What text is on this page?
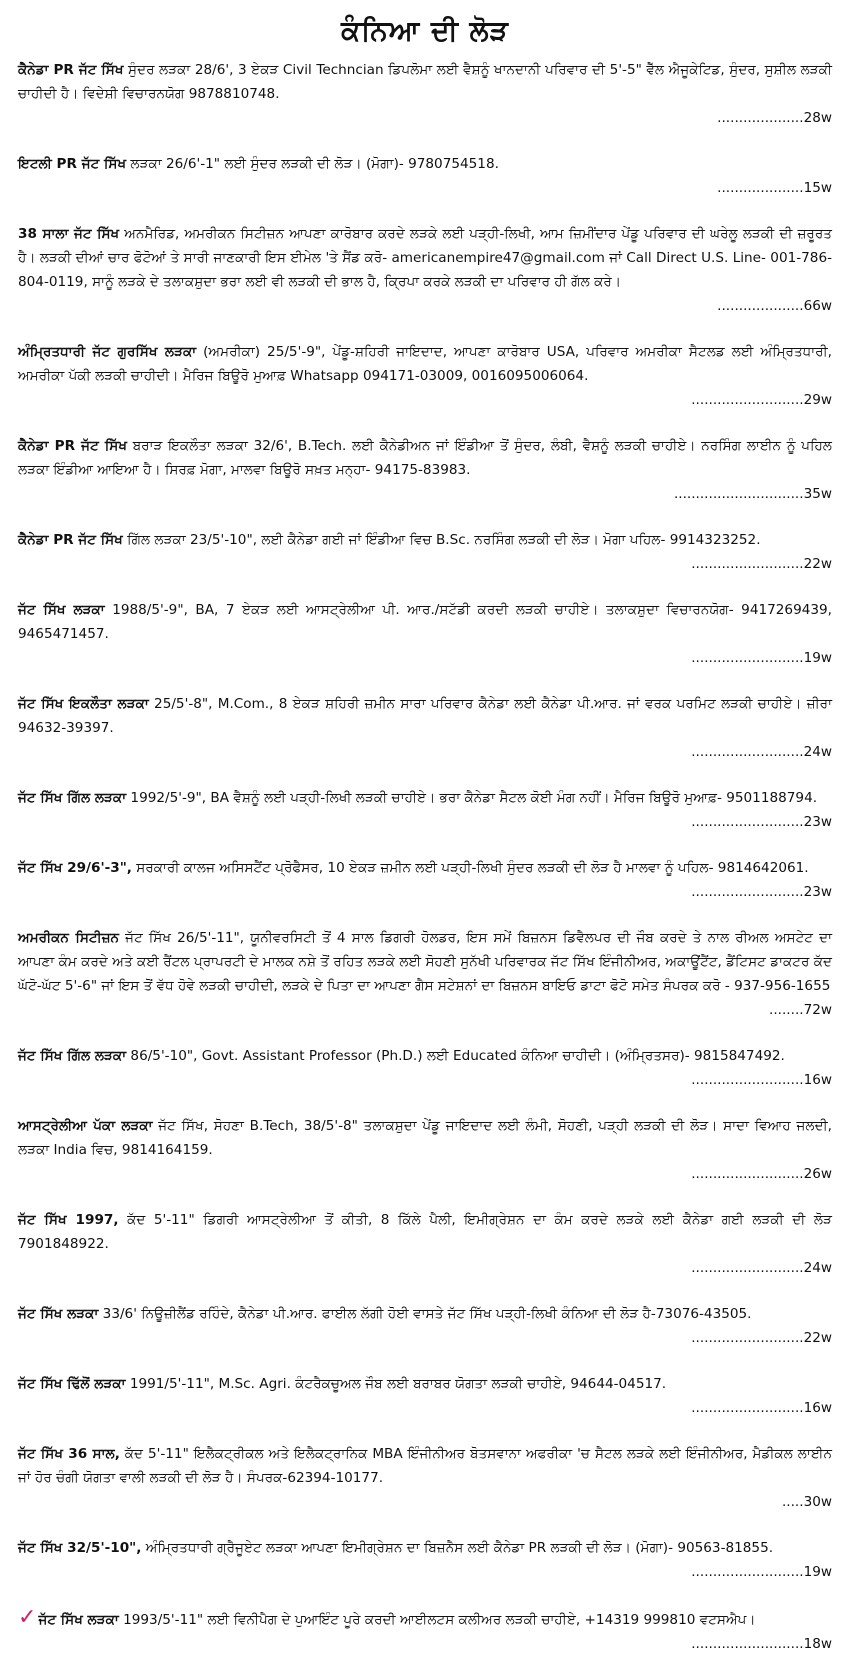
ਕੰਨਿਆ ਦੀ ਲੋੜ
ਕੈਨੇਡਾ PR ਜੱਟ ਸਿੱਖ ਸੁੰਦਰ ਲੜਕਾ 28/6', 3 ਏਕੜ Civil Techncian ਡਿਪਲੋਮਾ ਲਈ ਵੈਸ਼ਨੂੰ ਖਾਨਦਾਨੀ ਪਰਿਵਾਰ ਦੀ 5'-5" ਵੈੱਲ ਐਜੂਕੇਟਿਡ, ਸੁੰਦਰ, ਸੁਸ਼ੀਲ ਲੜਕੀ ਚਾਹੀਦੀ ਹੈ। ਵਿਦੇਸ਼ੀ ਵਿਚਾਰਨਯੋਗ 9878810748.
....................28w
ਇਟਲੀ PR ਜੱਟ ਸਿੱਖ ਲੜਕਾ 26/6'-1" ਲਈ ਸੁੰਦਰ ਲੜਕੀ ਦੀ ਲੋੜ। (ਮੋਗਾ)- 9780754518.
....................15w
38 ਸਾਲਾ ਜੱਟ ਸਿੱਖ ਅਨਮੈਰਿਡ, ਅਮਰੀਕਨ ਸਿਟੀਜ਼ਨ ਆਪਣਾ ਕਾਰੋਬਾਰ ਕਰਦੇ ਲੜਕੇ ਲਈ ਪੜ੍ਹੀ-ਲਿਖੀ, ਆਮ ਜ਼ਿਮੀਂਦਾਰ ਪੇਂਡੂ ਪਰਿਵਾਰ ਦੀ ਘਰੇਲੂ ਲੜਕੀ ਦੀ ਜ਼ਰੂਰਤ ਹੈ। ਲੜਕੀ ਦੀਆਂ ਚਾਰ ਫੋਟੋਆਂ ਤੇ ਸਾਰੀ ਜਾਣਕਾਰੀ ਇਸ ਈਮੇਲ 'ਤੇ ਸੈਂਡ ਕਰੋ- americanempire47@gmail.com ਜਾਂ Call Direct U.S. Line- 001-786-804-0119, ਸਾਨੂੰ ਲੜਕੇ ਦੇ ਤਲਾਕਸ਼ੁਦਾ ਭਰਾ ਲਈ ਵੀ ਲੜਕੀ ਦੀ ਭਾਲ ਹੈ, ਕ੍ਰਿਪਾ ਕਰਕੇ ਲੜਕੀ ਦਾ ਪਰਿਵਾਰ ਹੀ ਗੱਲ ਕਰੇ।
....................66w
ਅੰਮ੍ਰਿਤਧਾਰੀ ਜੱਟ ਗੁਰਸਿੱਖ ਲੜਕਾ (ਅਮਰੀਕਾ) 25/5'-9", ਪੇਂਡੂ-ਸ਼ਹਿਰੀ ਜਾਇਦਾਦ, ਆਪਣਾ ਕਾਰੋਬਾਰ USA, ਪਰਿਵਾਰ ਅਮਰੀਕਾ ਸੈਟਲਡ ਲਈ ਅੰਮ੍ਰਿਤਧਾਰੀ, ਅਮਰੀਕਾ ਪੱਕੀ ਲੜਕੀ ਚਾਹੀਦੀ। ਮੈਰਿਜ ਬਿਊਰੋ ਮੁਆਫ਼ Whatsapp 094171-03009, 0016095006064.
..........................29w
ਕੈਨੇਡਾ PR ਜੱਟ ਸਿੱਖ ਬਰਾੜ ਇਕਲੌਤਾ ਲੜਕਾ 32/6', B.Tech. ਲਈ ਕੈਨੇਡੀਅਨ ਜਾਂ ਇੰਡੀਆ ਤੋਂ ਸੁੰਦਰ, ਲੰਬੀ, ਵੈਸ਼ਨੂੰ ਲੜਕੀ ਚਾਹੀਏ। ਨਰਸਿੰਗ ਲਾਈਨ ਨੂੰ ਪਹਿਲ ਲੜਕਾ ਇੰਡੀਆ ਆਇਆ ਹੈ। ਸਿਰਫ਼ ਮੋਗਾ, ਮਾਲਵਾ ਬਿਊਰੋ ਸਖ਼ਤ ਮਨ੍ਹਾ- 94175-83983.
..............................35w
ਕੈਨੇਡਾ PR ਜੱਟ ਸਿੱਖ ਗਿੱਲ ਲੜਕਾ 23/5'-10", ਲਈ ਕੈਨੇਡਾ ਗਈ ਜਾਂ ਇੰਡੀਆ ਵਿਚ B.Sc. ਨਰਸਿੰਗ ਲੜਕੀ ਦੀ ਲੋੜ। ਮੋਗਾ ਪਹਿਲ- 9914323252.
..........................22w
ਜੱਟ ਸਿੱਖ ਲੜਕਾ 1988/5'-9", BA, 7 ਏਕੜ ਲਈ ਆਸਟ੍ਰੇਲੀਆ ਪੀ. ਆਰ./ਸਟੱਡੀ ਕਰਦੀ ਲੜਕੀ ਚਾਹੀਏ। ਤਲਾਕਸ਼ੁਦਾ ਵਿਚਾਰਨਯੋਗ- 9417269439, 9465471457.
..........................19w
ਜੱਟ ਸਿੱਖ ਇਕਲੌਤਾ ਲੜਕਾ 25/5'-8", M.Com., 8 ਏਕੜ ਸ਼ਹਿਰੀ ਜ਼ਮੀਨ ਸਾਰਾ ਪਰਿਵਾਰ ਕੈਨੇਡਾ ਲਈ ਕੈਨੇਡਾ ਪੀ.ਆਰ. ਜਾਂ ਵਰਕ ਪਰਮਿਟ ਲੜਕੀ ਚਾਹੀਏ। ਜ਼ੀਰਾ 94632-39397.
..........................24w
ਜੱਟ ਸਿੱਖ ਗਿੱਲ ਲੜਕਾ 1992/5'-9", BA ਵੈਸ਼ਨੂੰ ਲਈ ਪੜ੍ਹੀ-ਲਿਖੀ ਲੜਕੀ ਚਾਹੀਏ। ਭਰਾ ਕੈਨੇਡਾ ਸੈਟਲ ਕੋਈ ਮੰਗ ਨਹੀਂ। ਮੈਰਿਜ ਬਿਊਰੋ ਮੁਆਫ਼- 9501188794.
..........................23w
ਜੱਟ ਸਿੱਖ 29/6'-3", ਸਰਕਾਰੀ ਕਾਲਜ ਅਸਿਸਟੈਂਟ ਪ੍ਰੋਫੈਸਰ, 10 ਏਕੜ ਜ਼ਮੀਨ ਲਈ ਪੜ੍ਹੀ-ਲਿਖੀ ਸੁੰਦਰ ਲੜਕੀ ਦੀ ਲੋੜ ਹੈ ਮਾਲਵਾ ਨੂੰ ਪਹਿਲ- 9814642061.
..........................23w
ਅਮਰੀਕਨ ਸਿਟੀਜ਼ਨ ਜੱਟ ਸਿੱਖ 26/5'-11", ਯੂਨੀਵਰਸਿਟੀ ਤੋਂ 4 ਸਾਲ ਡਿਗਰੀ ਹੋਲਡਰ, ਇਸ ਸਮੇਂ ਬਿਜ਼ਨਸ ਡਿਵੈਲਪਰ ਦੀ ਜੌਬ ਕਰਦੇ ਤੇ ਨਾਲ ਰੀਅਲ ਅਸਟੇਟ ਦਾ ਆਪਣਾ ਕੰਮ ਕਰਦੇ ਅਤੇ ਕਈ ਰੈਂਟਲ ਪ੍ਰਾਪਰਟੀ ਦੇ ਮਾਲਕ ਨਸ਼ੇ ਤੋਂ ਰਹਿਤ ਲੜਕੇ ਲਈ ਸੋਹਣੀ ਸੁਨੱਖੀ ਪਰਿਵਾਰਕ ਜੱਟ ਸਿੱਖ ਇੰਜੀਨੀਅਰ, ਅਕਾਊਂਟੈਂਟ, ਡੈਂਟਿਸਟ ਡਾਕਟਰ ਕੱਦ ਘੱਟੋ-ਘੱਟ 5'-6" ਜਾਂ ਇਸ ਤੋਂ ਵੱਧ ਹੋਵੇ ਲੜਕੀ ਚਾਹੀਦੀ, ਲੜਕੇ ਦੇ ਪਿਤਾ ਦਾ ਆਪਣਾ ਗੈਸ ਸਟੇਸ਼ਨਾਂ ਦਾ ਬਿਜ਼ਨਸ ਬਾਇਓ ਡਾਟਾ ਫੋਟੋ ਸਮੇਤ ਸੰਪਰਕ ਕਰੋ - 937-956-1655
........72w
ਜੱਟ ਸਿੱਖ ਗਿੱਲ ਲੜਕਾ 86/5'-10", Govt. Assistant Professor (Ph.D.) ਲਈ Educated ਕੰਨਿਆ ਚਾਹੀਦੀ। (ਅੰਮ੍ਰਿਤਸਰ)- 9815847492.
..........................16w
ਆਸਟ੍ਰੇਲੀਆ ਪੱਕਾ ਲੜਕਾ ਜੱਟ ਸਿੱਖ, ਸੋਹਣਾ B.Tech, 38/5'-8" ਤਲਾਕਸ਼ੁਦਾ ਪੇਂਡੂ ਜਾਇਦਾਦ ਲਈ ਲੰਮੀ, ਸੋਹਣੀ, ਪੜ੍ਹੀ ਲੜਕੀ ਦੀ ਲੋੜ। ਸਾਦਾ ਵਿਆਹ ਜਲਦੀ, ਲੜਕਾ India ਵਿਚ, 9814164159.
..........................26w
ਜੱਟ ਸਿੱਖ 1997, ਕੱਦ 5'-11" ਡਿਗਰੀ ਆਸਟ੍ਰੇਲੀਆ ਤੋਂ ਕੀਤੀ, 8 ਕਿੱਲੇ ਪੈਲੀ, ਇਮੀਗ੍ਰੇਸ਼ਨ ਦਾ ਕੰਮ ਕਰਦੇ ਲੜਕੇ ਲਈ ਕੈਨੇਡਾ ਗਈ ਲੜਕੀ ਦੀ ਲੋੜ 7901848922.
..........................24w
ਜੱਟ ਸਿੱਖ ਲੜਕਾ 33/6' ਨਿਊਜ਼ੀਲੈਂਡ ਰਹਿੰਦੇ, ਕੈਨੇਡਾ ਪੀ.ਆਰ. ਫਾਈਲ ਲੱਗੀ ਹੋਈ ਵਾਸਤੇ ਜੱਟ ਸਿੱਖ ਪੜ੍ਹੀ-ਲਿਖੀ ਕੰਨਿਆ ਦੀ ਲੋੜ ਹੈ-73076-43505.
..........................22w
ਜੱਟ ਸਿੱਖ ਢਿੱਲੋਂ ਲੜਕਾ 1991/5'-11", M.Sc. Agri. ਕੰਟਰੈਕਚੂਅਲ ਜੌਬ ਲਈ ਬਰਾਬਰ ਯੋਗਤਾ ਲੜਕੀ ਚਾਹੀਏ, 94644-04517.
..........................16w
ਜੱਟ ਸਿੱਖ 36 ਸਾਲ, ਕੱਦ 5'-11" ਇਲੈਕਟ੍ਰੀਕਲ ਅਤੇ ਇਲੈਕਟ੍ਰਾਨਿਕ MBA ਇੰਜੀਨੀਅਰ ਬੋਤਸਵਾਨਾ ਅਫਰੀਕਾ 'ਚ ਸੈਟਲ ਲੜਕੇ ਲਈ ਇੰਜੀਨੀਅਰ, ਮੈਡੀਕਲ ਲਾਈਨ ਜਾਂ ਹੋਰ ਚੰਗੀ ਯੋਗਤਾ ਵਾਲੀ ਲੜਕੀ ਦੀ ਲੋੜ ਹੈ। ਸੰਪਰਕ-62394-10177.
.....30w
ਜੱਟ ਸਿੱਖ 32/5'-10", ਅੰਮ੍ਰਿਤਧਾਰੀ ਗ੍ਰੈਜੂਏਟ ਲੜਕਾ ਆਪਣਾ ਇਮੀਗ੍ਰੇਸ਼ਨ ਦਾ ਬਿਜ਼ਨੈਸ ਲਈ ਕੈਨੇਡਾ PR ਲੜਕੀ ਦੀ ਲੋੜ। (ਮੋਗਾ)- 90563-81855.
..........................19w
✓ ਜੱਟ ਸਿੱਖ ਲੜਕਾ 1993/5'-11" ਲਈ ਵਿਨੀਪੈਗ ਦੇ ਪੁਆਇੰਟ ਪੂਰੇ ਕਰਦੀ ਆਈਲਟਸ ਕਲੀਅਰ ਲੜਕੀ ਚਾਹੀਏ, +14319 999810 ਵਟਸਐਪ।
..........................18w
